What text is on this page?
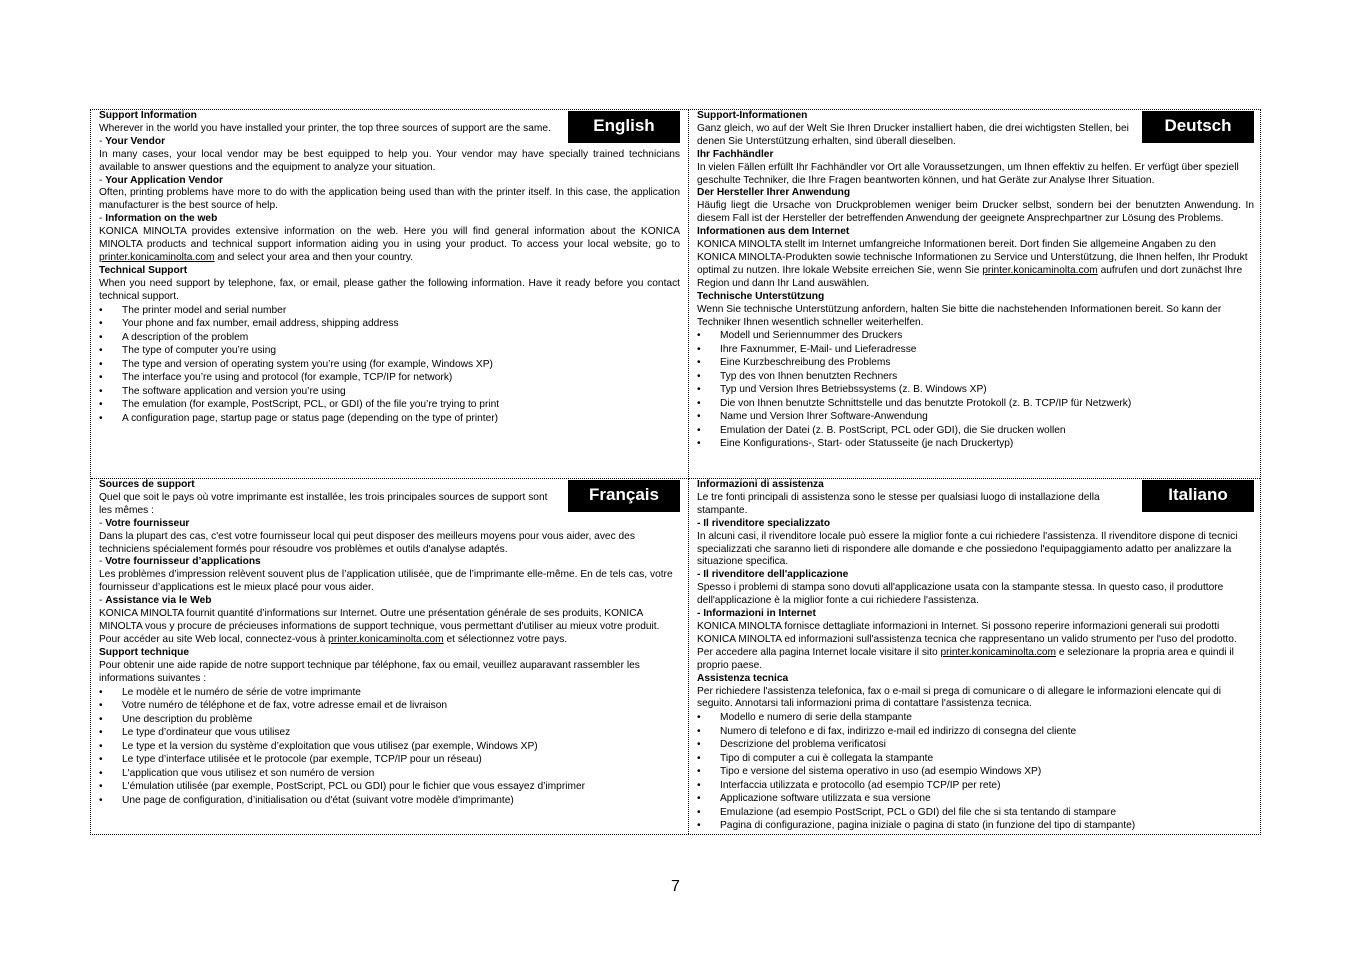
English

Support Information

Wherever in the world you have installed your printer, the top three sources of support are the same.

- Your Vendor

In many cases, your local vendor may be best equipped to help you. Your vendor may have specially trained technicians available to answer questions and the equipment to analyze your situation.

- Your Application Vendor

Often, printing problems have more to do with the application being used than with the printer itself. In this case, the application manufacturer is the best source of help.

- Information on the web

KONICA MINOLTA provides extensive information on the web. Here you will find general information about the KONICA MINOLTA products and technical support information aiding you in using your product. To access your local website, go to printer.konicaminolta.com and select your area and then your country.

Technical Support

When you need support by telephone, fax, or email, please gather the following information. Have it ready before you contact technical support.

• The printer model and serial number
• Your phone and fax number, email address, shipping address
• A description of the problem
• The type of computer you’re using
• The type and version of operating system you’re using (for example, Windows XP)
• The interface you’re using and protocol (for example, TCP/IP for network)
• The software application and version you’re using
• The emulation (for example, PostScript, PCL, or GDI) of the file you’re trying to print
• A configuration page, startup page or status page (depending on the type of printer)
Deutsch

Support-Informationen

Ganz gleich, wo auf der Welt Sie Ihren Drucker installiert haben, die drei wichtigsten Stellen, bei denen Sie Unterstützung erhalten, sind überall dieselben.

Ihr Fachhändler

In vielen Fällen erfüllt Ihr Fachhändler vor Ort alle Voraussetzungen, um Ihnen effektiv zu helfen. Er verfügt über speziell geschulte Techniker, die Ihre Fragen beantworten können, und hat Geräte zur Analyse Ihrer Situation.

Der Hersteller Ihrer Anwendung

Häufig liegt die Ursache von Druckproblemen weniger beim Drucker selbst, sondern bei der benutzten Anwendung. In diesem Fall ist der Hersteller der betreffenden Anwendung der geeignete Ansprechpartner zur Lösung des Problems.

Informationen aus dem Internet

KONICA MINOLTA stellt im Internet umfangreiche Informationen bereit. Dort finden Sie allgemeine Angaben zu den KONICA MINOLTA-Produkten sowie technische Informationen zu Service und Unterstützung, die Ihnen helfen, Ihr Produkt optimal zu nutzen. Ihre lokale Website erreichen Sie, wenn Sie printer.konicaminolta.com aufrufen und dort zunächst Ihre Region und dann Ihr Land auswählen.

Technische Unterstützung

Wenn Sie technische Unterstützung anfordern, halten Sie bitte die nachstehenden Informationen bereit. So kann der Techniker Ihnen wesentlich schneller weiterhelfen.

• Modell und Seriennummer des Druckers
• Ihre Faxnummer, E-Mail- und Lieferadresse
• Eine Kurzbeschreibung des Problems
• Typ des von Ihnen benutzten Rechners
• Typ und Version Ihres Betriebssystems (z. B. Windows XP)
• Die von Ihnen benutzte Schnittstelle und das benutzte Protokoll (z. B. TCP/IP für Netzwerk)
• Name und Version Ihrer Software-Anwendung
• Emulation der Datei (z. B. PostScript, PCL oder GDI), die Sie drucken wollen
• Eine Konfigurations-, Start- oder Statusseite (je nach Druckertyp)
Français

Sources de support

Quel que soit le pays où votre imprimante est installée, les trois principales sources de support sont les mêmes :

- Votre fournisseur

Dans la plupart des cas, c'est votre fournisseur local qui peut disposer des meilleurs moyens pour vous aider, avec des techniciens spécialement formés pour résoudre vos problèmes et outils d'analyse adaptés.

- Votre fournisseur d’applications

Les problèmes d’impression relèvent souvent plus de l’application utilisée, que de l’imprimante elle-même. En de tels cas, votre fournisseur d’applications est le mieux placé pour vous aider.

- Assistance via le Web

KONICA MINOLTA fournit quantité d’informations sur Internet. Outre une présentation générale de ses produits, KONICA MINOLTA vous y procure de précieuses informations de support technique, vous permettant d'utiliser au mieux votre produit. Pour accéder au site Web local, connectez-vous à printer.konicaminolta.com et sélectionnez votre pays.

Support technique

Pour obtenir une aide rapide de notre support technique par téléphone, fax ou email, veuillez auparavant rassembler les informations suivantes :

• Le modèle et le numéro de série de votre imprimante
• Votre numéro de téléphone et de fax, votre adresse email et de livraison
• Une description du problème
• Le type d’ordinateur que vous utilisez
• Le type et la version du système d’exploitation que vous utilisez (par exemple, Windows XP)
• Le type d’interface utilisée et le protocole (par exemple, TCP/IP pour un réseau)
• L'application que vous utilisez et son numéro de version
• L'émulation utilisée (par exemple, PostScript, PCL ou GDI) pour le fichier que vous essayez d’imprimer
• Une page de configuration, d’initialisation ou d'état (suivant votre modèle d'imprimante)
Italiano

Informazioni di assistenza

Le tre fonti principali di assistenza sono le stesse per qualsiasi luogo di installazione della stampante.

- Il rivenditore specializzato

In alcuni casi, il rivenditore locale può essere la miglior fonte a cui richiedere l'assistenza. Il rivenditore dispone di tecnici specializzati che saranno lieti di rispondere alle domande e che possiedono l'equipaggiamento adatto per analizzare la situazione specifica.

- Il rivenditore dell'applicazione

Spesso i problemi di stampa sono dovuti all'applicazione usata con la stampante stessa. In questo caso, il produttore dell'applicazione è la miglior fonte a cui richiedere l'assistenza.

- Informazioni in Internet

KONICA MINOLTA fornisce dettagliate informazioni in Internet. Si possono reperire informazioni generali sui prodotti KONICA MINOLTA ed informazioni sull'assistenza tecnica che rappresentano un valido strumento per l'uso del prodotto. Per accedere alla pagina Internet locale visitare il sito printer.konicaminolta.com e selezionare la propria area e quindi il proprio paese.

Assistenza tecnica

Per richiedere l'assistenza telefonica, fax o e-mail si prega di comunicare o di allegare le informazioni elencate qui di seguito. Annotarsi tali informazioni prima di contattare l'assistenza tecnica.

• Modello e numero di serie della stampante
• Numero di telefono e di fax, indirizzo e-mail ed indirizzo di consegna del cliente
• Descrizione del problema verificatosi
• Tipo di computer a cui è collegata la stampante
• Tipo e versione del sistema operativo in uso (ad esempio Windows XP)
• Interfaccia utilizzata e protocollo (ad esempio TCP/IP per rete)
• Applicazione software utilizzata e sua versione
• Emulazione (ad esempio PostScript, PCL o GDI) del file che si sta tentando di stampare
• Pagina di configurazione, pagina iniziale o pagina di stato (in funzione del tipo di stampante)
7
